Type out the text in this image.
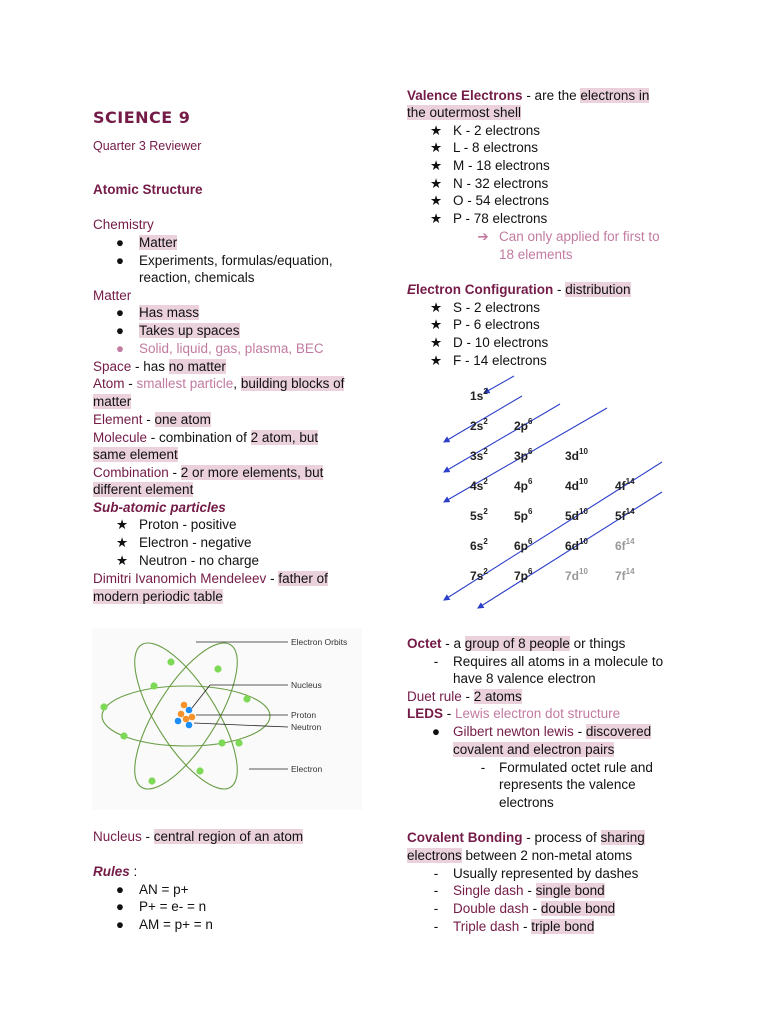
SCIENCE 9
Quarter 3 Reviewer
Atomic Structure
Chemistry
● Matter
● Experiments, formulas/equation,
reaction, chemicals
Matter
● Has mass
● Takes up spaces
● Solid, liquid, gas, plasma, BEC
Space - has no matter
Atom - smallest particle, building blocks of
matter
Element - one atom
Molecule - combination of 2 atom, but
same element
Combination - 2 or more elements, but
different element
Sub-atomic particles
★ Proton - positive
★ Electron - negative
★ Neutron - no charge
Dimitri Ivanomich Mendeleev - father of
modern periodic table
Electron Orbits
Nucleus
Proton
Neutron
Electron
Nucleus - central region of an atom
Rules :
● AN = p+
● P+ = e- = n
● AM = p+ = n
Valence Electrons - are the electrons in
the outermost shell
★ K - 2 electrons
★ L - 8 electrons
★ M - 18 electrons
★ N - 32 electrons
★ O - 54 electrons
★ P - 78 electrons
➔ Can only applied for first to
18 elements
Electron Configuration - distribution
★ S - 2 electrons
★ P - 6 electrons
★ D - 10 electrons
★ F - 14 electrons
$1s^2$
$2s^2$ $2p^6$
$3s^2$ $3p^6$	$3d^{10}$
$4s^2$ $4p^6$	$4d^{10}$ $4f^{14}$
$5s^2$ $5p^6$	$5d^{10}$ $5f^{14}$
$6s^2$ $6p^6$	$6d^{10}$ $6f^{14}$
$7s^2$ $7p^6$	$7d^{10}$ $7f^{14}$
Octet - a group of 8 people or things
-	Requires all atoms in a molecule to
have 8 valence electron
Duet rule - 2 atoms
LEDS - Lewis electron dot structure
● Gilbert newton lewis - discovered
covalent and electron pairs
-	Formulated octet rule and
represents the valence
electrons
Covalent Bonding - process of sharing
electrons between 2 non-metal atoms
-	Usually represented by dashes
-	Single dash - single bond
-	Double dash - double bond
-	Triple dash - triple bond
